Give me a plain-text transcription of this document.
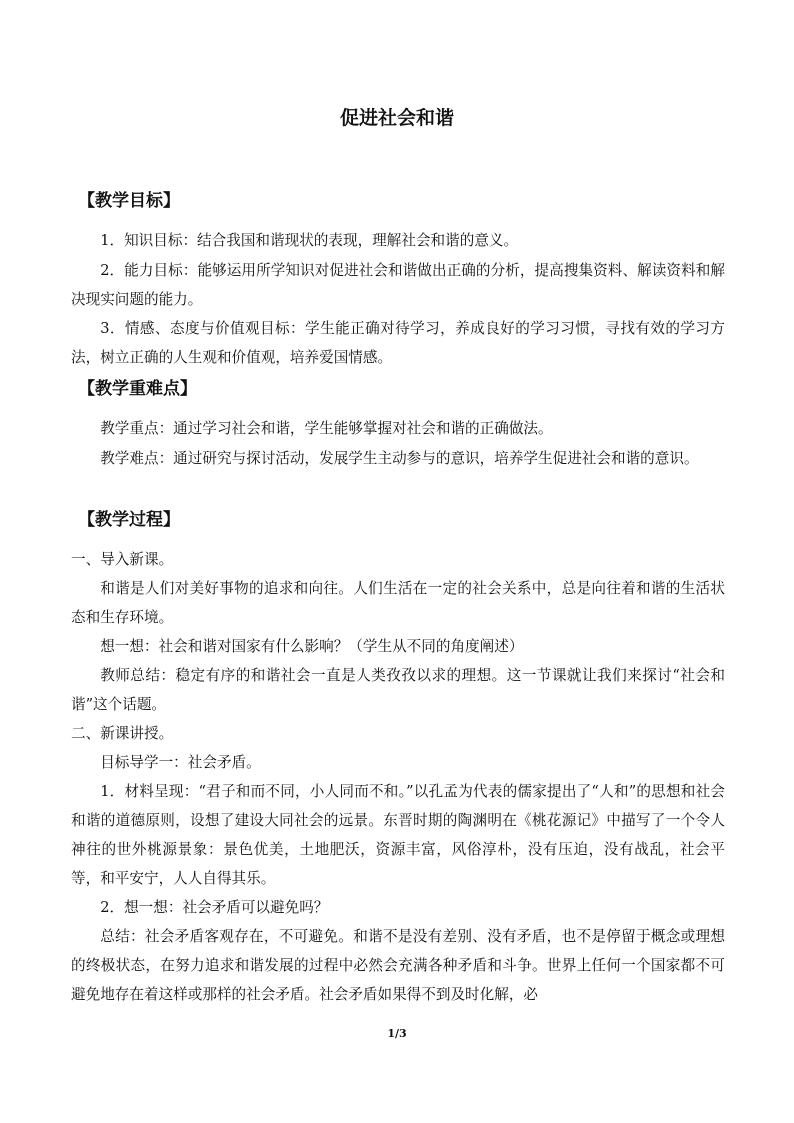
促进社会和谐
【教学目标】

1．知识目标：结合我国和谐现状的表现，理解社会和谐的意义。

2．能力目标：能够运用所学知识对促进社会和谐做出正确的分析，提高搜集资料、解读资料和解决现实问题的能力。

3．情感、态度与价值观目标：学生能正确对待学习，养成良好的学习习惯，寻找有效的学习方法，树立正确的人生观和价值观，培养爱国情感。

【教学重难点】

教学重点：通过学习社会和谐，学生能够掌握对社会和谐的正确做法。

教学难点：通过研究与探讨活动，发展学生主动参与的意识，培养学生促进社会和谐的意识。

【教学过程】

一、导入新课。

和谐是人们对美好事物的追求和向往。人们生活在一定的社会关系中，总是向往着和谐的生活状态和生存环境。

想一想：社会和谐对国家有什么影响？（学生从不同的角度阐述）

教师总结：稳定有序的和谐社会一直是人类孜孜以求的理想。这一节课就让我们来探讨“社会和谐”这个话题。

二、新课讲授。

目标导学一：社会矛盾。

1．材料呈现：“君子和而不同，小人同而不和。”以孔孟为代表的儒家提出了“人和”的思想和社会和谐的道德原则，设想了建设大同社会的远景。东晋时期的陶渊明在《桃花源记》中描写了一个令人神往的世外桃源景象：景色优美，土地肥沃，资源丰富，风俗淳朴，没有压迫，没有战乱，社会平等，和平安宁，人人自得其乐。

2．想一想：社会矛盾可以避免吗？

总结：社会矛盾客观存在，不可避免。和谐不是没有差别、没有矛盾，也不是停留于概念或理想的终极状态，在努力追求和谐发展的过程中必然会充满各种矛盾和斗争。世界上任何一个国家都不可避免地存在着这样或那样的社会矛盾。社会矛盾如果得不到及时化解，必

1/3
